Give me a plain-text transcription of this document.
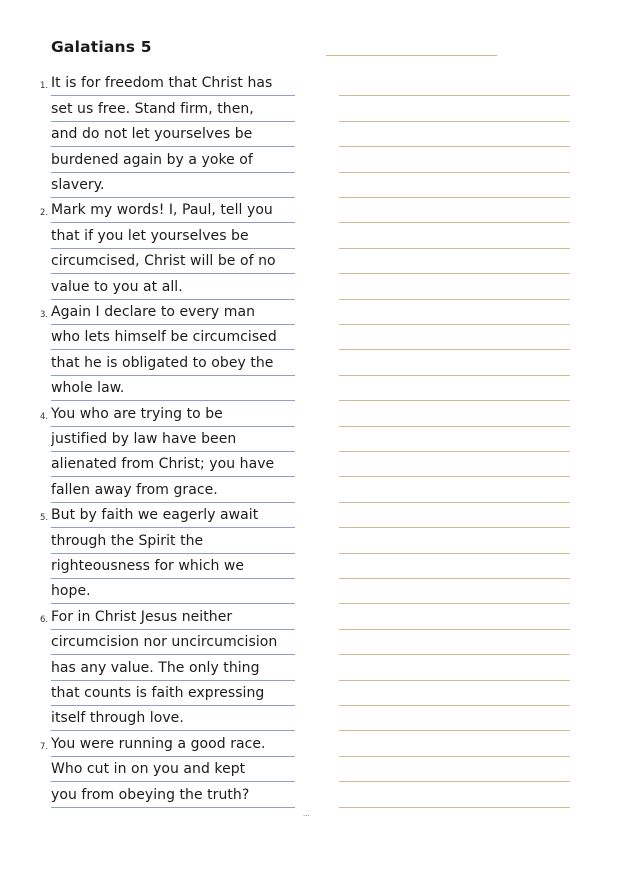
Galatians 5
1. It is for freedom that Christ has
set us free. Stand firm, then,
and do not let yourselves be
burdened again by a yoke of
slavery.
2. Mark my words! I, Paul, tell you
that if you let yourselves be
circumcised, Christ will be of no
value to you at all.
3. Again I declare to every man
who lets himself be circumcised
that he is obligated to obey the
whole law.
4. You who are trying to be
justified by law have been
alienated from Christ; you have
fallen away from grace.
5. But by faith we eagerly await
through the Spirit the
righteousness for which we
hope.
6. For in Christ Jesus neither
circumcision nor uncircumcision
has any value. The only thing
that counts is faith expressing
itself through love.
7. You were running a good race.
Who cut in on you and kept
you from obeying the truth?
···
